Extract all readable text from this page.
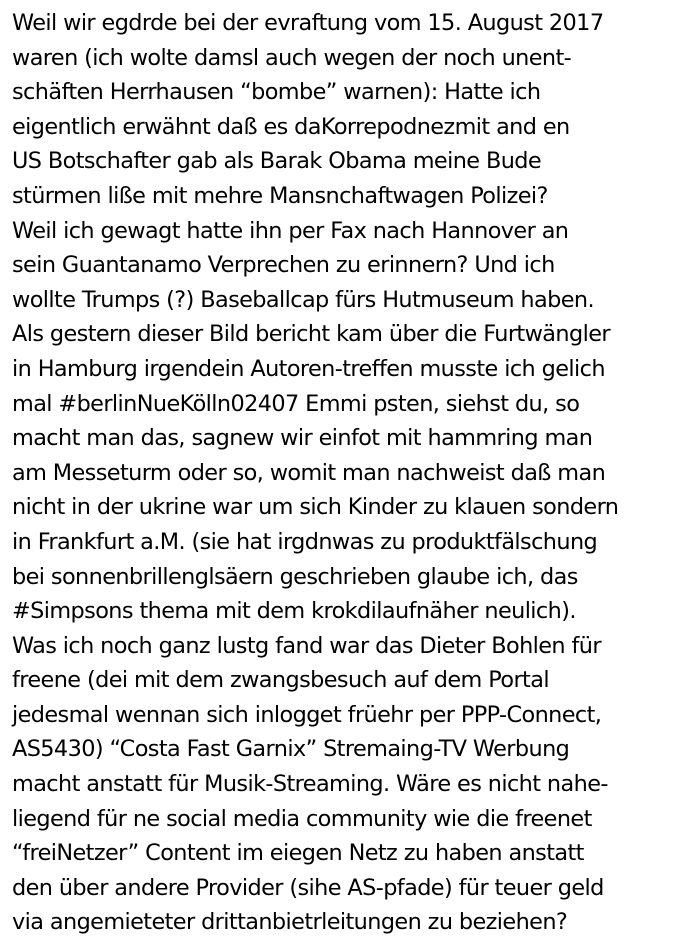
Weil wir egdrde bei der evraftung vom 15. August 2017
waren (ich wolte damsl auch wegen der noch unent-
schäften Herrhausen “bombe” warnen): Hatte ich
eigentlich erwähnt daß es daKorrepodnezmit and en
US Botschafter gab als Barak Obama meine Bude
stürmen liße mit mehre Mansnchaftwagen Polizei?
Weil ich gewagt hatte ihn per Fax nach Hannover an
sein Guantanamo Verprechen zu erinnern? Und ich
wollte Trumps (?) Baseballcap fürs Hutmuseum haben.
Als gestern dieser Bild bericht kam über die Furtwängler
in Hamburg irgendein Autoren-treffen musste ich gelich
mal #berlinNueKölln02407 Emmi psten, siehst du, so
macht man das, sagnew wir einfot mit hammring man
am Messeturm oder so, womit man nachweist daß man
nicht in der ukrine war um sich Kinder zu klauen sondern
in Frankfurt a.M. (sie hat irgdnwas zu produktfälschung
bei sonnenbrillenglsäern geschrieben glaube ich, das
#Simpsons thema mit dem krokdilaufnäher neulich).
Was ich noch ganz lustg fand war das Dieter Bohlen für
freene (dei mit dem zwangsbesuch auf dem Portal
jedesmal wennan sich inlogget früehr per PPP-Connect,
AS5430) “Costa Fast Garnix” Stremaing-TV Werbung
macht anstatt für Musik-Streaming. Wäre es nicht nahe-
liegend für ne social media community wie die freenet
“freiNetzer” Content im eiegen Netz zu haben anstatt
den über andere Provider (sihe AS-pfade) für teuer geld
via angemieteter drittanbietrleitungen zu beziehen?
